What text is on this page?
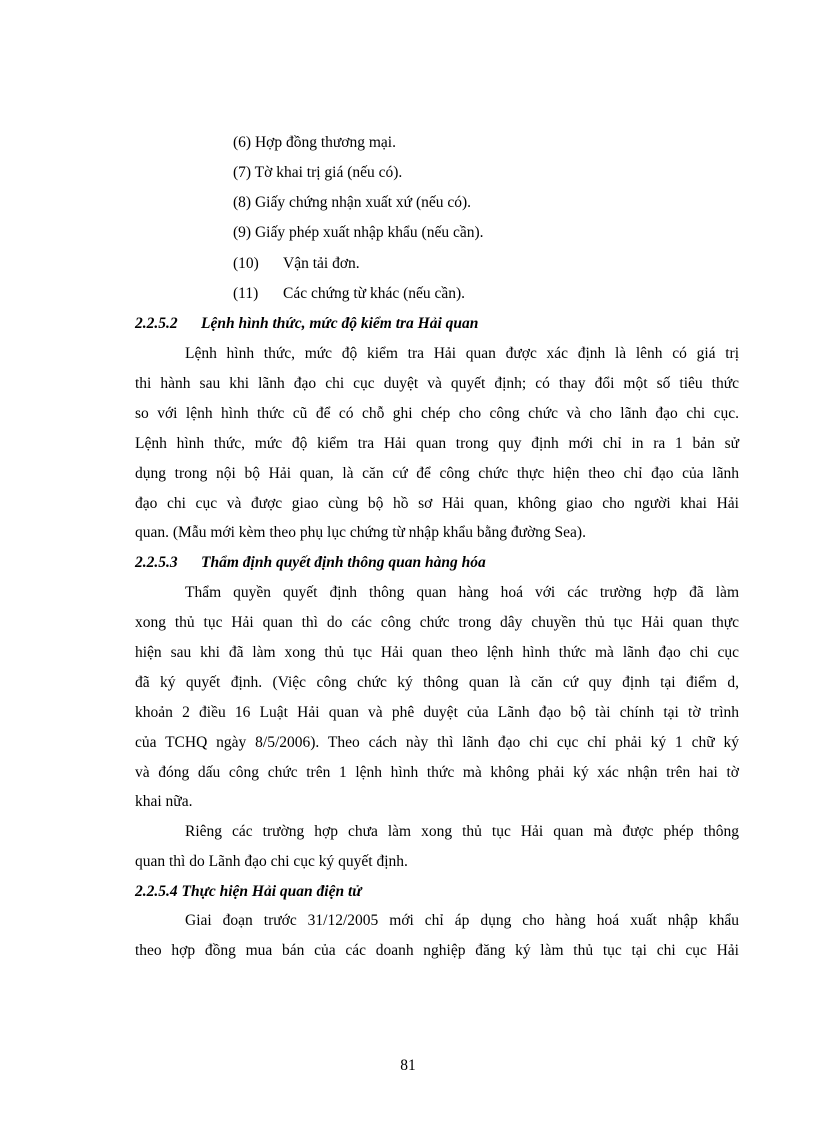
(6) Hợp đồng thương mại.
(7) Tờ khai trị giá (nếu có).
(8) Giấy chứng nhận xuất xứ (nếu có).
(9) Giấy phép xuất nhập khẩu (nếu cần).
(10) Vận tải đơn.
(11) Các chứng từ khác (nếu cần).
2.2.5.2 Lệnh hình thức, mức độ kiểm tra Hải quan
Lệnh hình thức, mức độ kiểm tra Hải quan được xác định là lênh có giá trị
thi hành sau khi lãnh đạo chi cục duyệt và quyết định; có thay đổi một số tiêu thức
so với lệnh hình thức cũ để có chỗ ghi chép cho công chức và cho lãnh đạo chi cục.
Lệnh hình thức, mức độ kiểm tra Hải quan trong quy định mới chỉ in ra 1 bản sử
dụng trong nội bộ Hải quan, là căn cứ để công chức thực hiện theo chỉ đạo của lãnh
đạo chi cục và được giao cùng bộ hồ sơ Hải quan, không giao cho người khai Hải
quan. (Mẫu mới kèm theo phụ lục chứng từ nhập khẩu bằng đường Sea).
2.2.5.3 Thẩm định quyết định thông quan hàng hóa
Thẩm quyền quyết định thông quan hàng hoá với các trường hợp đã làm
xong thủ tục Hải quan thì do các công chức trong dây chuyền thủ tục Hải quan thực
hiện sau khi đã làm xong thủ tục Hải quan theo lệnh hình thức mà lãnh đạo chi cục
đã ký quyết định. (Việc công chức ký thông quan là căn cứ quy định tại điểm d,
khoản 2 điều 16 Luật Hải quan và phê duyệt của Lãnh đạo bộ tài chính tại tờ trình
của TCHQ ngày 8/5/2006). Theo cách này thì lãnh đạo chi cục chỉ phải ký 1 chữ ký
và đóng dấu công chức trên 1 lệnh hình thức mà không phải ký xác nhận trên hai tờ
khai nữa.
Riêng các trường hợp chưa làm xong thủ tục Hải quan mà được phép thông
quan thì do Lãnh đạo chi cục ký quyết định.
2.2.5.4 Thực hiện Hải quan điện tử
Giai đoạn trước 31/12/2005 mới chỉ áp dụng cho hàng hoá xuất nhập khẩu
theo hợp đồng mua bán của các doanh nghiệp đăng ký làm thủ tục tại chi cục Hải
81
